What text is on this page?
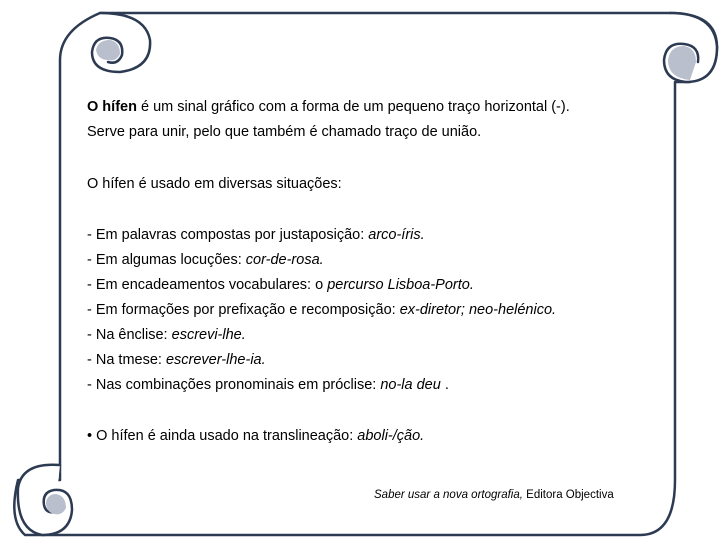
O hífen é um sinal gráfico com a forma de um pequeno traço horizontal (-).
Serve para unir, pelo que também é chamado traço de união.
O hífen é usado em diversas situações:
- Em palavras compostas por justaposição: arco-íris.
- Em algumas locuções: cor-de-rosa.
- Em encadeamentos vocabulares: o percurso Lisboa-Porto.
- Em formações por prefixação e recomposição: ex-diretor; neo-helénico.
- Na ênclise: escrevi-lhe.
- Na tmese: escrever-lhe-ia.
- Nas combinações pronominais em próclise: no-la deu .
• O hífen é ainda usado na translineação: aboli-/ção.
Saber usar a nova ortografia, Editora Objectiva
